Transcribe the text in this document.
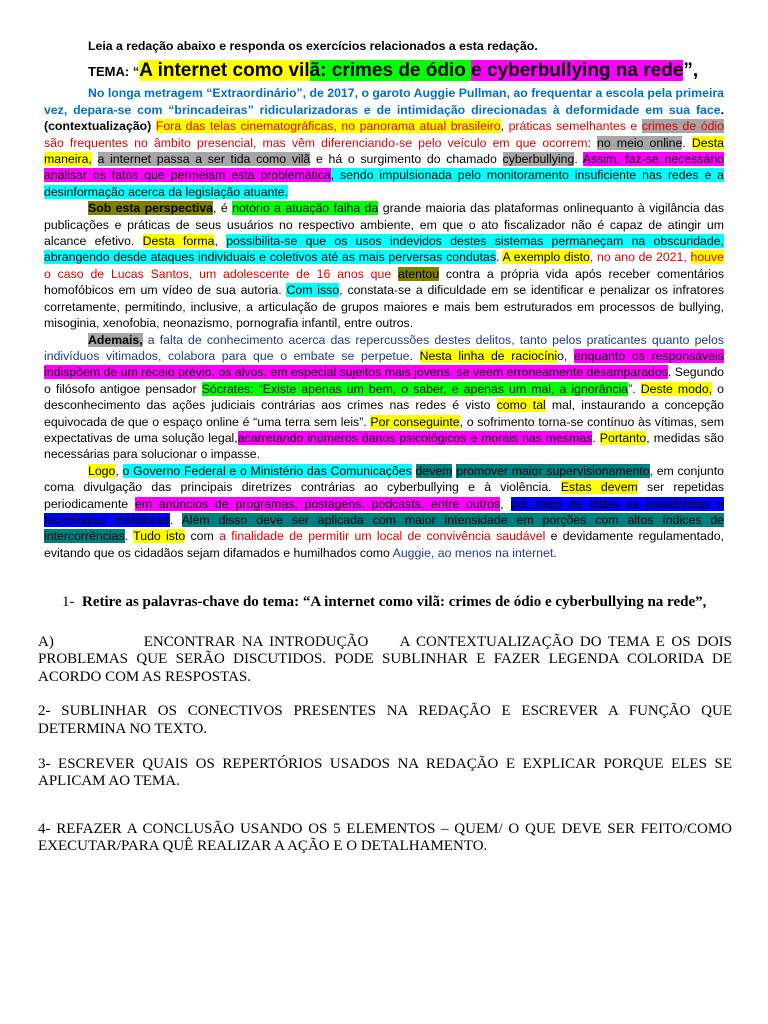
Leia a redação abaixo e responda os exercícios relacionados a esta redação.

TEMA: “A internet como vilã: crimes de ódio e cyberbullying na rede”,

No longa metragem “Extraordinário”, de 2017, o garoto Auggie Pullman, ao frequentar a escola pela primeira vez, depara-se com “brincadeiras” ridicularizadoras e de intimidação direcionadas à deformidade em sua face.(contextualização) Fora das telas cinematográficas, no panorama atual brasileiro, práticas semelhantes e crimes de ódio são frequentes no âmbito presencial, mas vêm diferenciando-se pelo veículo em que ocorrem: no meio online. Desta maneira, a internet passa a ser tida como vilã e há o surgimento do chamado cyberbullying. Assim, faz-se necessário analisar os fatos que permeiam esta problemática, sendo impulsionada pelo monitoramento insuficiente nas redes e a desinformação acerca da legislação atuante.

Sob esta perspectiva, é notório a atuação falha da grande maioria das plataformas onlinequanto à vigilância das publicações e práticas de seus usuários no respectivo ambiente, em que o ato fiscalizador não é capaz de atingir um alcance efetivo. Desta forma, possibilita-se que os usos indevidos destes sistemas permaneçam na obscuridade, abrangendo desde ataques individuais e coletivos até as mais perversas condutas. A exemplo disto, no ano de 2021, houve o caso de Lucas Santos, um adolescente de 16 anos que atentou contra a própria vida após receber comentários homofóbicos em um vídeo de sua autoria. Com isso, constata-se a dificuldade em se identificar e penalizar os infratores corretamente, permitindo, inclusive, a articulação de grupos maiores e mais bem estruturados em processos de bullying, misoginia, xenofobia, neonazismo, pornografia infantil, entre outros.

Ademais, a falta de conhecimento acerca das repercussões destes delitos, tanto pelos praticantes quanto pelos indivíduos vitimados, colabora para que o embate se perpetue. Nesta linha de raciocínio, enquanto os responsáveis indispõem de um receio prévio, os alvos, em especial sujeitos mais jovens, se veem erroneamente desamparados. Segundo o filósofo antigoe pensador Sócrates: “Existe apenas um bem, o saber, e apenas um mal, a ignorância”. Deste modo, o desconhecimento das ações judiciais contrárias aos crimes nas redes é visto como tal mal, instaurando a concepção equivocada de que o espaço online é “uma terra sem leis”. Por conseguinte, o sofrimento torna-se contínuo às vítimas, sem expectativas de uma solução legal,acarretando inúmeros danos psicológicos e morais nas mesmas. Portanto, medidas são necessárias para solucionar o impasse.

Logo, o Governo Federal e o Ministério das Comunicações devem promover maior supervisionamento, em conjunto coma divulgação das principais diretrizes contrárias ao cyberbullying e à violência. Estas devem ser repetidas periodicamente em anúncios de programas, postagens, podcasts, entre outros, por meio de todas as plataformas e tecnologias midiáticas. Além disso deve ser aplicada com maior intensidade em porções com altos índices de intercorrências. Tudo isto com a finalidade de permitir um local de convivência saudável e devidamente regulamentado, evitando que os cidadãos sejam difamados e humilhados como Auggie, ao menos na internet.

1- Retire as palavras-chave do tema: “A internet como vilã: crimes de ódio e cyberbullying na rede”,

A)              ENCONTRAR NA INTRODUÇÃO     A CONTEXTUALIZAÇÃO DO TEMA E OS DOIS PROBLEMAS QUE SERÃO DISCUTIDOS. PODE SUBLINHAR E FAZER LEGENDA COLORIDA DE ACORDO COM AS RESPOSTAS.

2- SUBLINHAR OS CONECTIVOS PRESENTES NA REDAÇÃO E ESCREVER A FUNÇÃO QUE DETERMINA NO TEXTO.

3- ESCREVER QUAIS OS REPERTÓRIOS USADOS NA REDAÇÃO E EXPLICAR PORQUE ELES SE APLICAM AO TEMA.

4- REFAZER A CONCLUSÃO USANDO OS 5 ELEMENTOS – QUEM/ O QUE DEVE SER FEITO/COMO EXECUTAR/PARA QUÊ REALIZAR A AÇÃO E O DETALHAMENTO.
